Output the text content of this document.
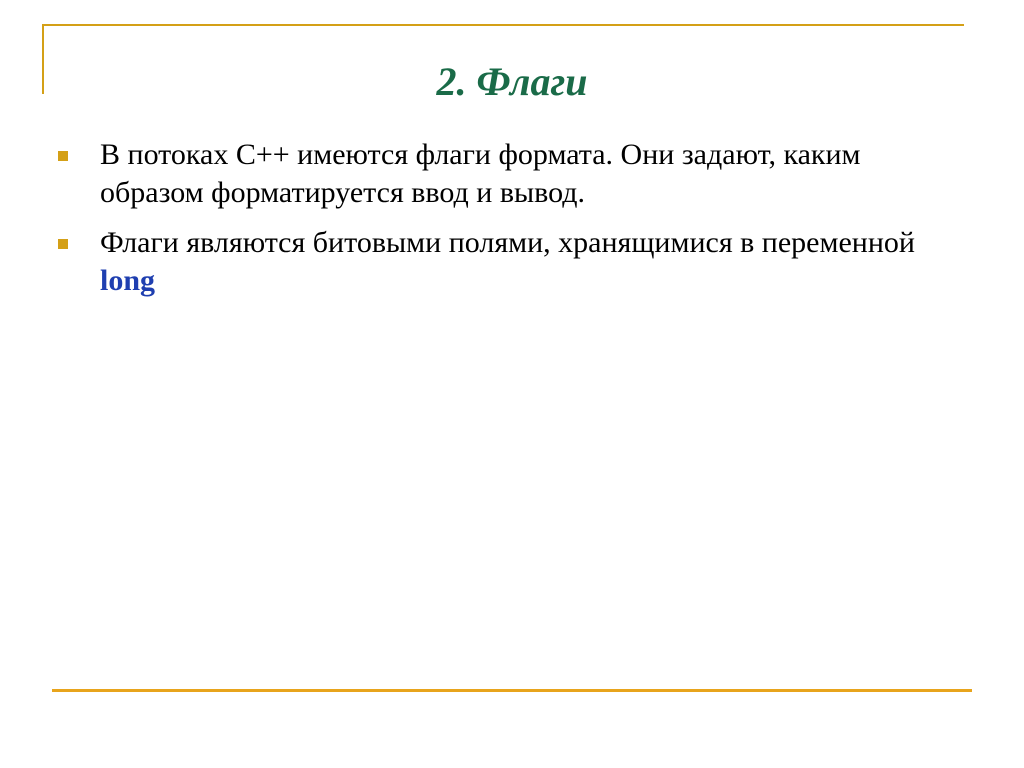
2. Флаги
В потоках С++ имеются флаги формата. Они задают, каким образом форматируется ввод и вывод.
Флаги являются битовыми полями, хранящимися в переменной long
